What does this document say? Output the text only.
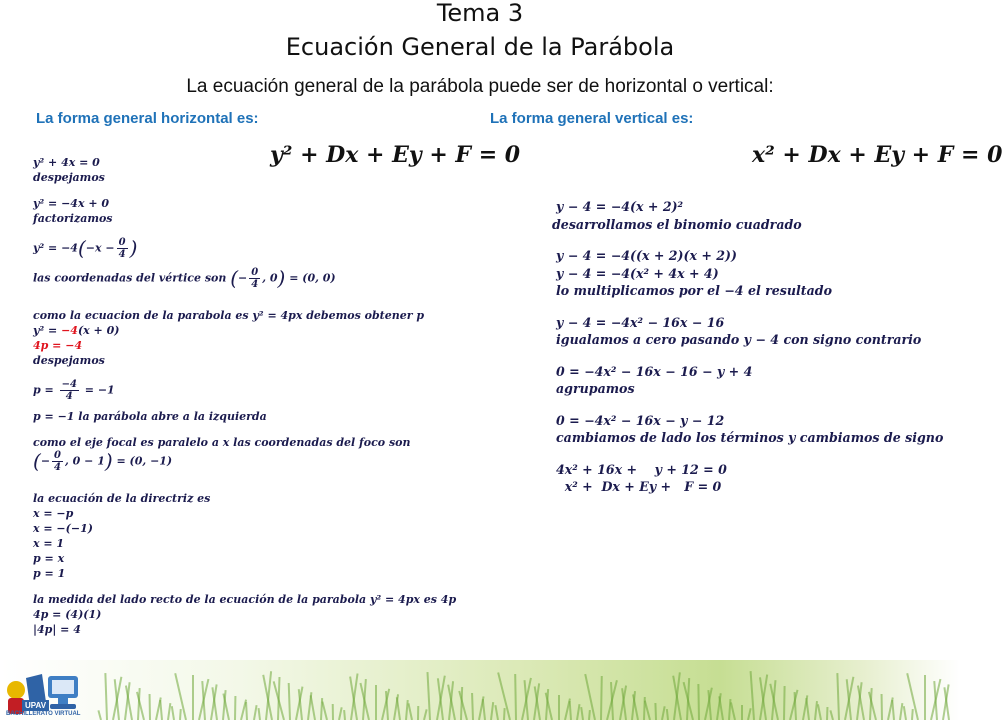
Tema 3
Ecuación General de la Parábola
La ecuación general de la parábola puede ser de horizontal o vertical:
La forma general horizontal es:	La forma general vertical es:
y² + Dx + Ey + F = 0	x² + Dx + Ey + F = 0
y² + 4x = 0
despejamos
y² = −4x + 0
factorizamos
$y^2 = -4(-x - \frac{0}{4}$ )
las coordenadas del vértice son (− $\frac{0}{4}$ , 0) = (0, 0)
como la ecuacion de la parabola es y² = 4px debemos obtener p
y² = −4(x + 0)
4p = −4
despejamos
$p = \frac{-4}{4} = -1$
p = −1 la parábola abre a la izquierda
como el eje focal es paralelo a x las coordenadas del foco son
(− $\frac{0}{4}$ , 0 − 1) = (0, −1)
la ecuación de la directriz es
x = −p
x = −(−1)
x = 1
p = x
p = 1
la medida del lado recto de la ecuación de la parabola y² = 4px es 4p
4p = (4)(1)
|4p| = 4
y − 4 = −4(x + 2)²
desarrollamos el binomio cuadrado
y − 4 = −4((x + 2)(x + 2))
y − 4 = −4(x² + 4x + 4)
lo multiplicamos por el −4 el resultado
y − 4 = −4x² − 16x − 16
igualamos a cero pasando y − 4 con signo contrario
0 = −4x² − 16x − 16 − y + 4
agrupamos
0 = −4x² − 16x − y − 12
cambiamos de lado los términos y cambiamos de signo
4x² + 16x +    y + 12 = 0
x² +  Dx + Ey +   F = 0
UPAV
BACHILLERATO VIRTUAL
